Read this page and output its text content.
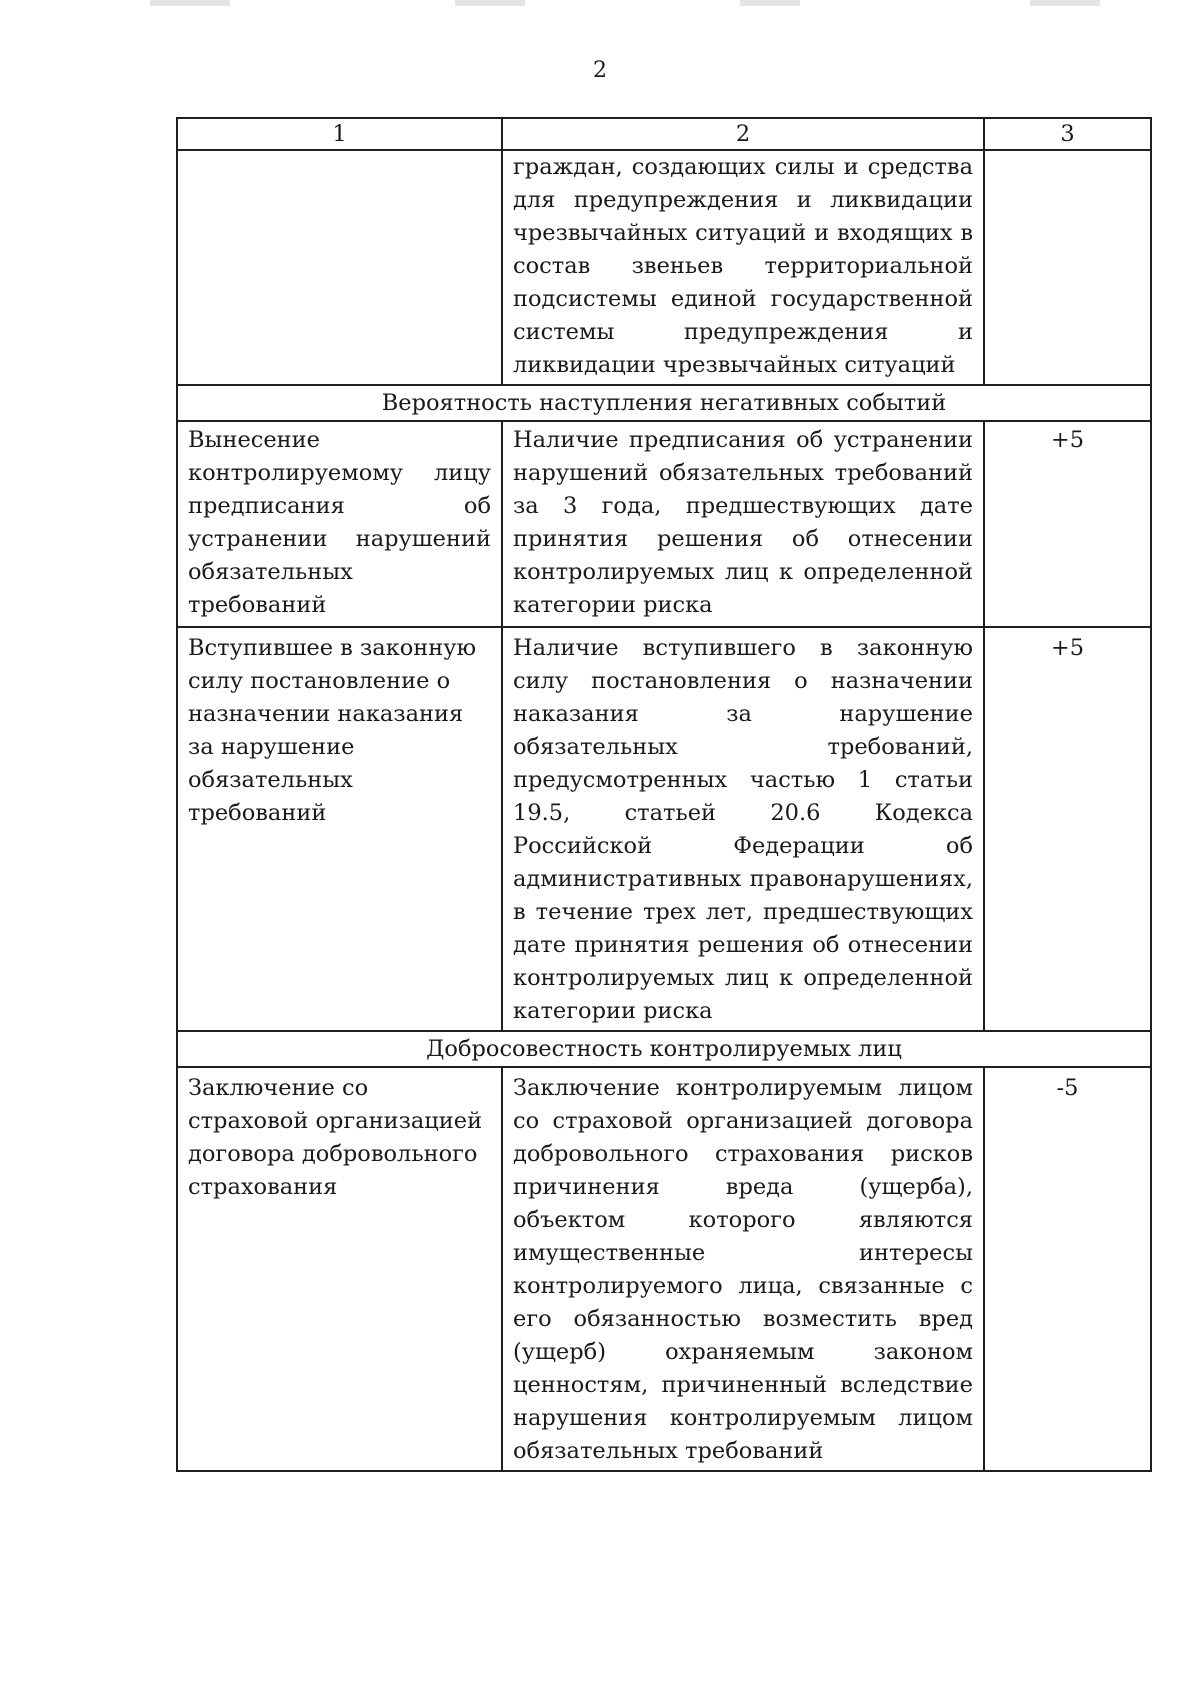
2
1	2	3
	граждан, создающих силы и средства для предупреждения и ликвидации чрезвычайных ситуаций и входящих в состав звеньев территориальной подсистемы единой государственной системы предупреждения и ликвидации чрезвычайных ситуаций	
Вероятность наступления негативных событий		
Вынесение контролируемому лицу предписания об устранении нарушений обязательных требований	Наличие предписания об устранении нарушений обязательных требований за 3 года, предшествующих дате принятия решения об отнесении контролируемых лиц к определенной категории риска	+5
Вступившее в законную силу постановление о назначении наказания за нарушение обязательных требований	Наличие вступившего в законную силу постановления о назначении наказания за нарушение обязательных требований, предусмотренных частью 1 статьи 19.5, статьей 20.6 Кодекса Российской Федерации об административных правонарушениях, в течение трех лет, предшествующих дате принятия решения об отнесении контролируемых лиц к определенной категории риска	+5
Добросовестность контролируемых лиц		
Заключение со страховой организацией договора добровольного страхования	Заключение контролируемым лицом со страховой организацией договора добровольного страхования рисков причинения вреда (ущерба), объектом которого являются имущественные интересы контролируемого лица, связанные с его обязанностью возместить вред (ущерб) охраняемым законом ценностям, причиненный вследствие нарушения контролируемым лицом обязательных требований	-5
